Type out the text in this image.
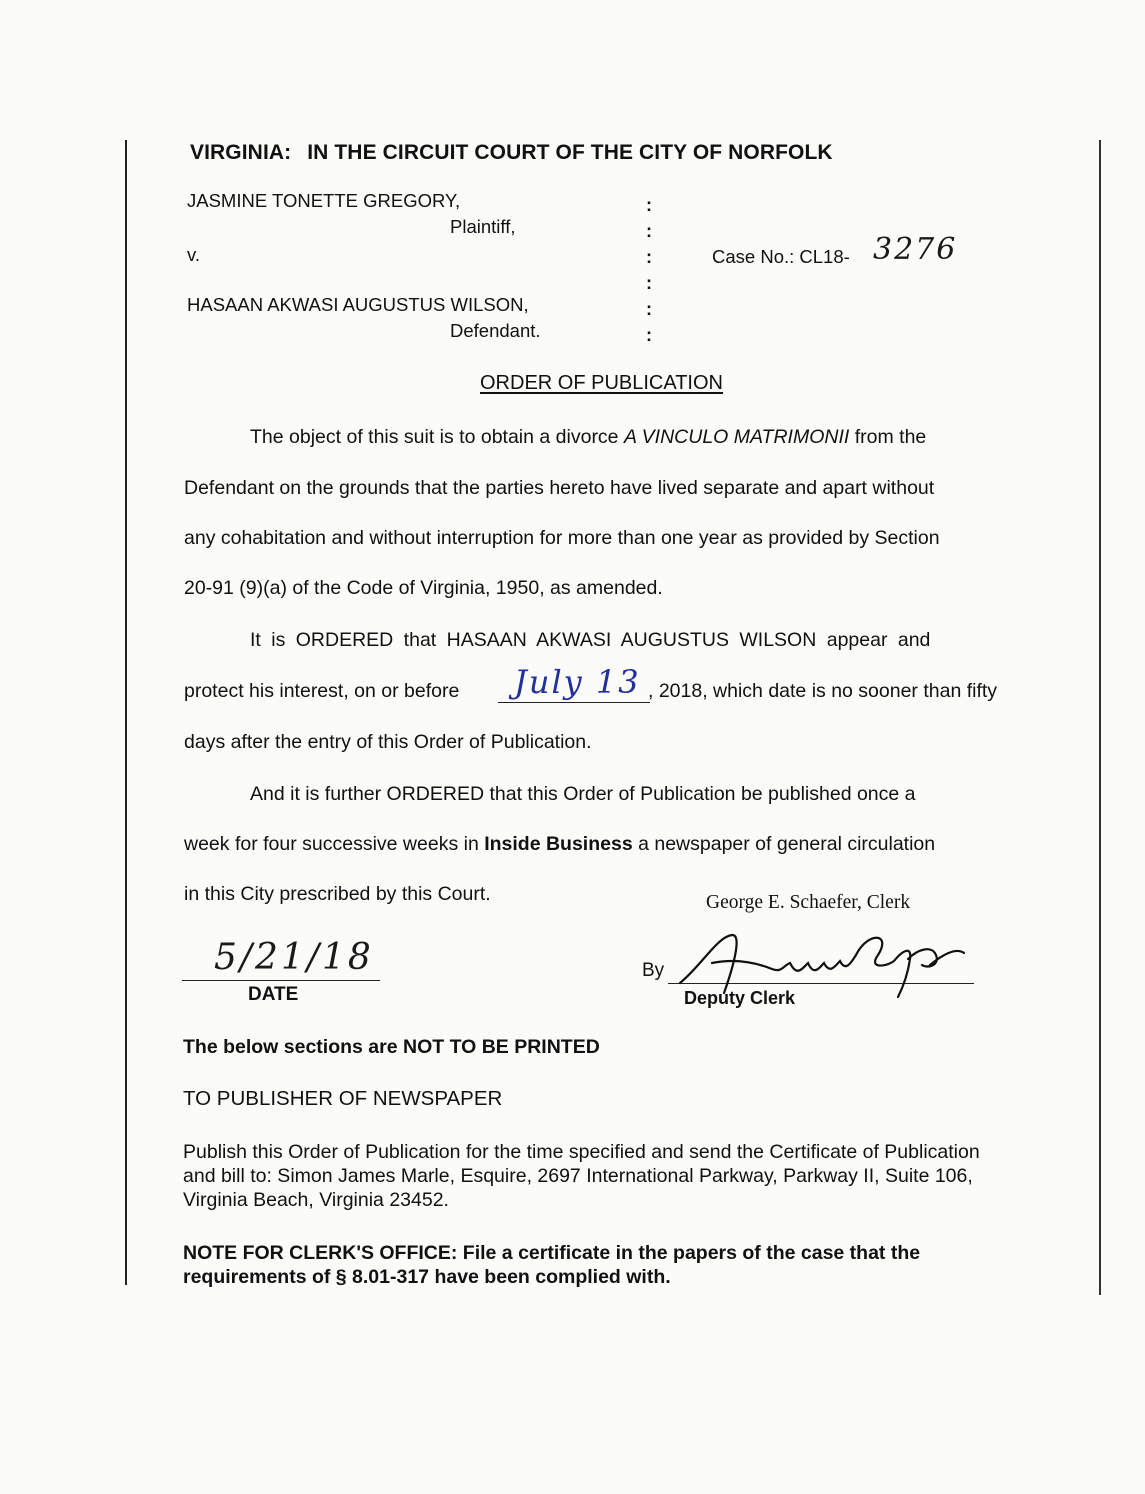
VIRGINIA: IN THE CIRCUIT COURT OF THE CITY OF NORFOLK
JASMINE TONETTE GREGORY,
Plaintiff,
v.
HASAAN AKWASI AUGUSTUS WILSON,
Defendant.
:
:
:
:
:
:
Case No.: CL18- 3276
ORDER OF PUBLICATION
The object of this suit is to obtain a divorce A VINCULO MATRIMONII from the
Defendant on the grounds that the parties hereto have lived separate and apart without
any cohabitation and without interruption for more than one year as provided by Section
20-91 (9)(a) of the Code of Virginia, 1950, as amended.
It is ORDERED that HASAAN AKWASI AUGUSTUS WILSON appear and
protect his interest, on or before July 13 , 2018, which date is no sooner than fifty
days after the entry of this Order of Publication.
And it is further ORDERED that this Order of Publication be published once a
week for four successive weeks in Inside Business a newspaper of general circulation
in this City prescribed by this Court.	George E. Schaefer, Clerk
5/21/18
DATE
By
Deputy Clerk
The below sections are NOT TO BE PRINTED
TO PUBLISHER OF NEWSPAPER
Publish this Order of Publication for the time specified and send the Certificate of Publication and bill to: Simon James Marle, Esquire, 2697 International Parkway, Parkway II, Suite 106, Virginia Beach, Virginia 23452.
NOTE FOR CLERK'S OFFICE: File a certificate in the papers of the case that the requirements of § 8.01-317 have been complied with.
